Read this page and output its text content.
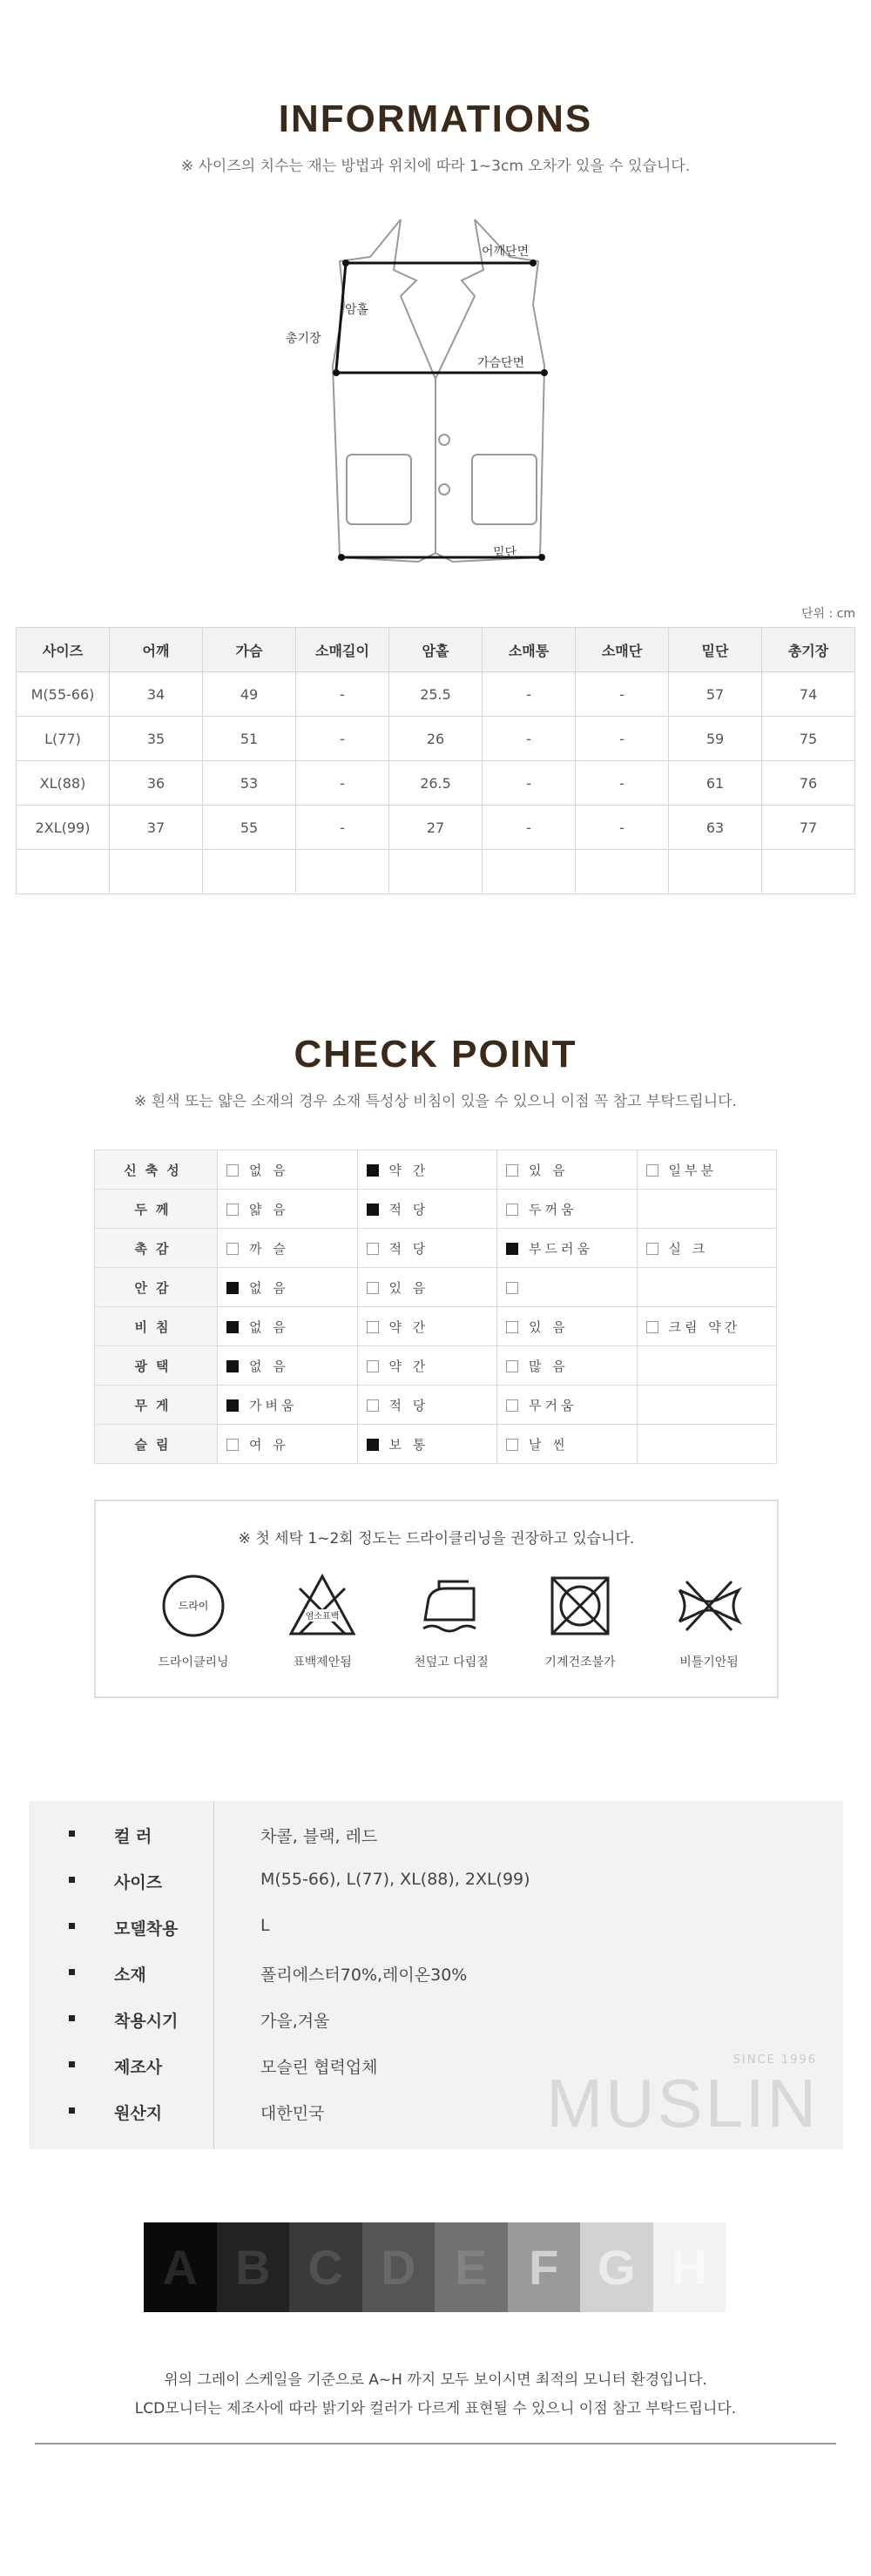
INFORMATIONS
※ 사이즈의 치수는 재는 방법과 위치에 따라 1~3cm 오차가 있을 수 있습니다.
어깨단면
암홀
총기장
가슴단면
밑단
단위 : cm
사이즈	어깨	가슴	소매길이	암홀	소매통	소매단	밑단	총기장
M(55-66)	34	49	-	25.5	-	-	57	74
L(77)	35	51	-	26	-	-	59	75
XL(88)	36	53	-	26.5	-	-	61	76
2XL(99)	37	55	-	27	-	-	63	77

CHECK POINT
※ 흰색 또는 얇은 소재의 경우 소재 특성상 비침이 있을 수 있으니 이점 꼭 참고 부탁드립니다.
신축성	없 음	약 간	있 음	일부분
두께	얇 음	적 당	두꺼움	
촉감	까 슬	적 당	부드러움	실 크
안감	없 음	있 음		
비침	없 음	약 간	있 음	크림 약간
광택	없 음	약 간	많 음	
무게	가벼움	적 당	무거움	
슬림	여 유	보 통	날 씬	
※ 첫 세탁 1~2회 정도는 드라이클리닝을 권장하고 있습니다.
드라이
드라이클리닝
염소표백
표백제안됨	천덮고 다림질	기계건조불가	비틀기안됨
컬 러	차콜, 블랙, 레드
사이즈	M(55-66), L(77), XL(88), 2XL(99)
모델착용	L
소재	폴리에스터70%,레이온30%
착용시기	가을,겨울
제조사	모슬린 협력업체
원산지	대한민국
SINCE 1996
MUSLIN
A B C D E F G H
위의 그레이 스케일을 기준으로 A~H 까지 모두 보이시면 최적의 모니터 환경입니다.
LCD모니터는 제조사에 따라 밝기와 컬러가 다르게 표현될 수 있으니 이점 참고 부탁드립니다.
